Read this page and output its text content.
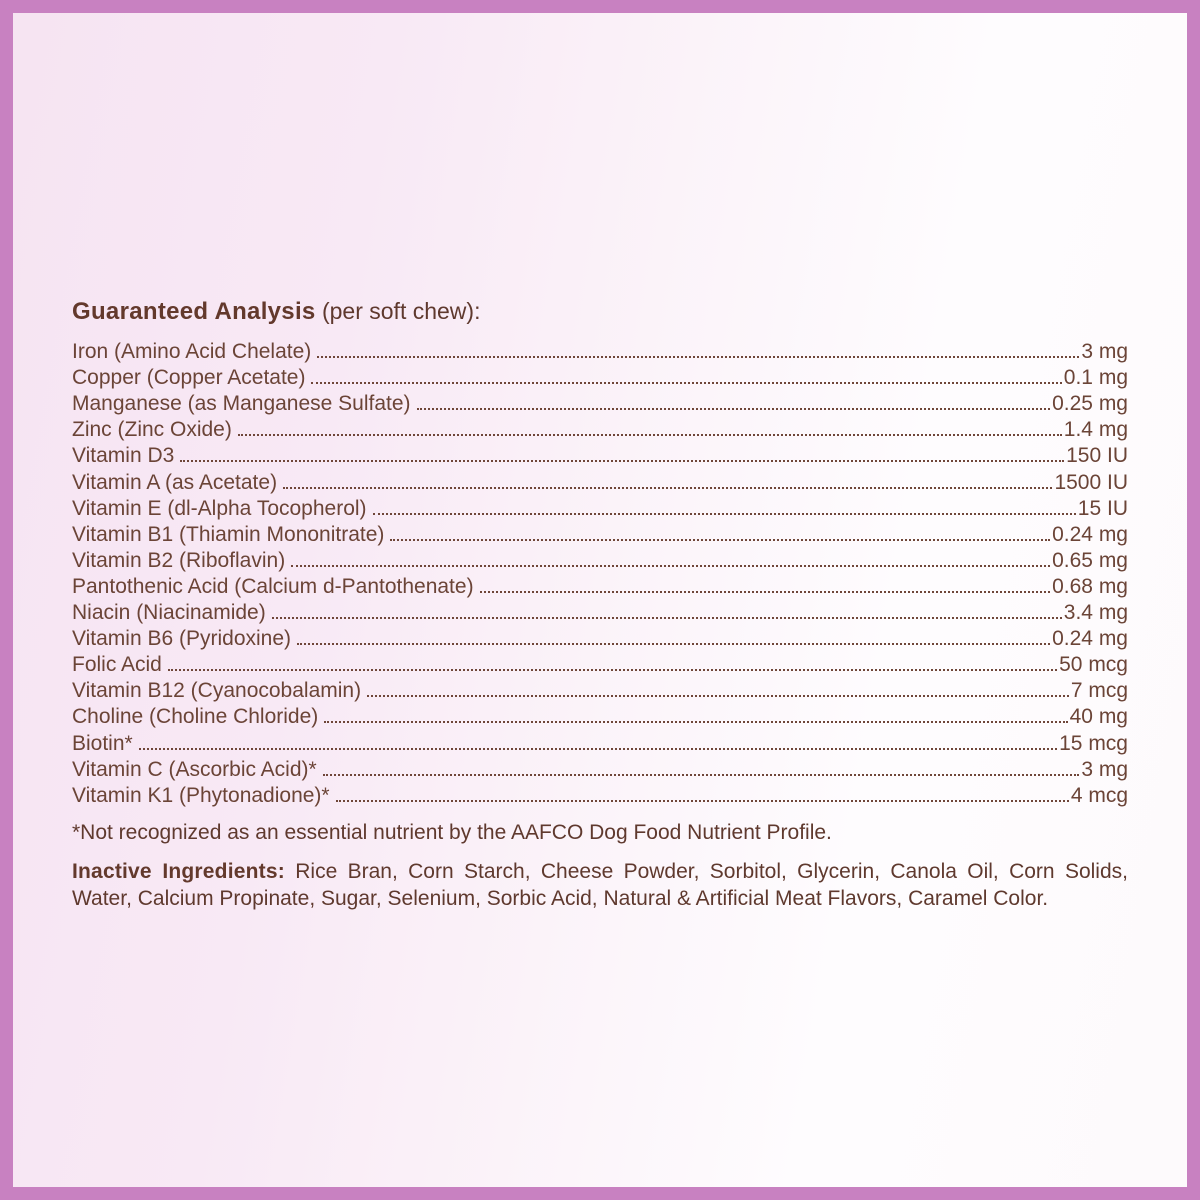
Guaranteed Analysis (per soft chew):
Iron (Amino Acid Chelate)	3 mg
Copper (Copper Acetate)	0.1 mg
Manganese (as Manganese Sulfate)	0.25 mg
Zinc (Zinc Oxide)	1.4 mg
Vitamin D3	150 IU
Vitamin A (as Acetate)	1500 IU
Vitamin E (dl-Alpha Tocopherol)	15 IU
Vitamin B1 (Thiamin Mononitrate)	0.24 mg
Vitamin B2 (Riboflavin)	0.65 mg
Pantothenic Acid (Calcium d-Pantothenate)	0.68 mg
Niacin (Niacinamide)	3.4 mg
Vitamin B6 (Pyridoxine)	0.24 mg
Folic Acid	50 mcg
Vitamin B12 (Cyanocobalamin)	7 mcg
Choline (Choline Chloride)	40 mg
Biotin*	15 mcg
Vitamin C (Ascorbic Acid)*	3 mg
Vitamin K1 (Phytonadione)*	4 mcg
*Not recognized as an essential nutrient by the AAFCO Dog Food Nutrient Profile.

Inactive Ingredients: Rice Bran, Corn Starch, Cheese Powder, Sorbitol, Glycerin, Canola Oil, Corn Solids, Water, Calcium Propinate, Sugar, Selenium, Sorbic Acid, Natural & Artificial Meat Flavors, Caramel Color.
